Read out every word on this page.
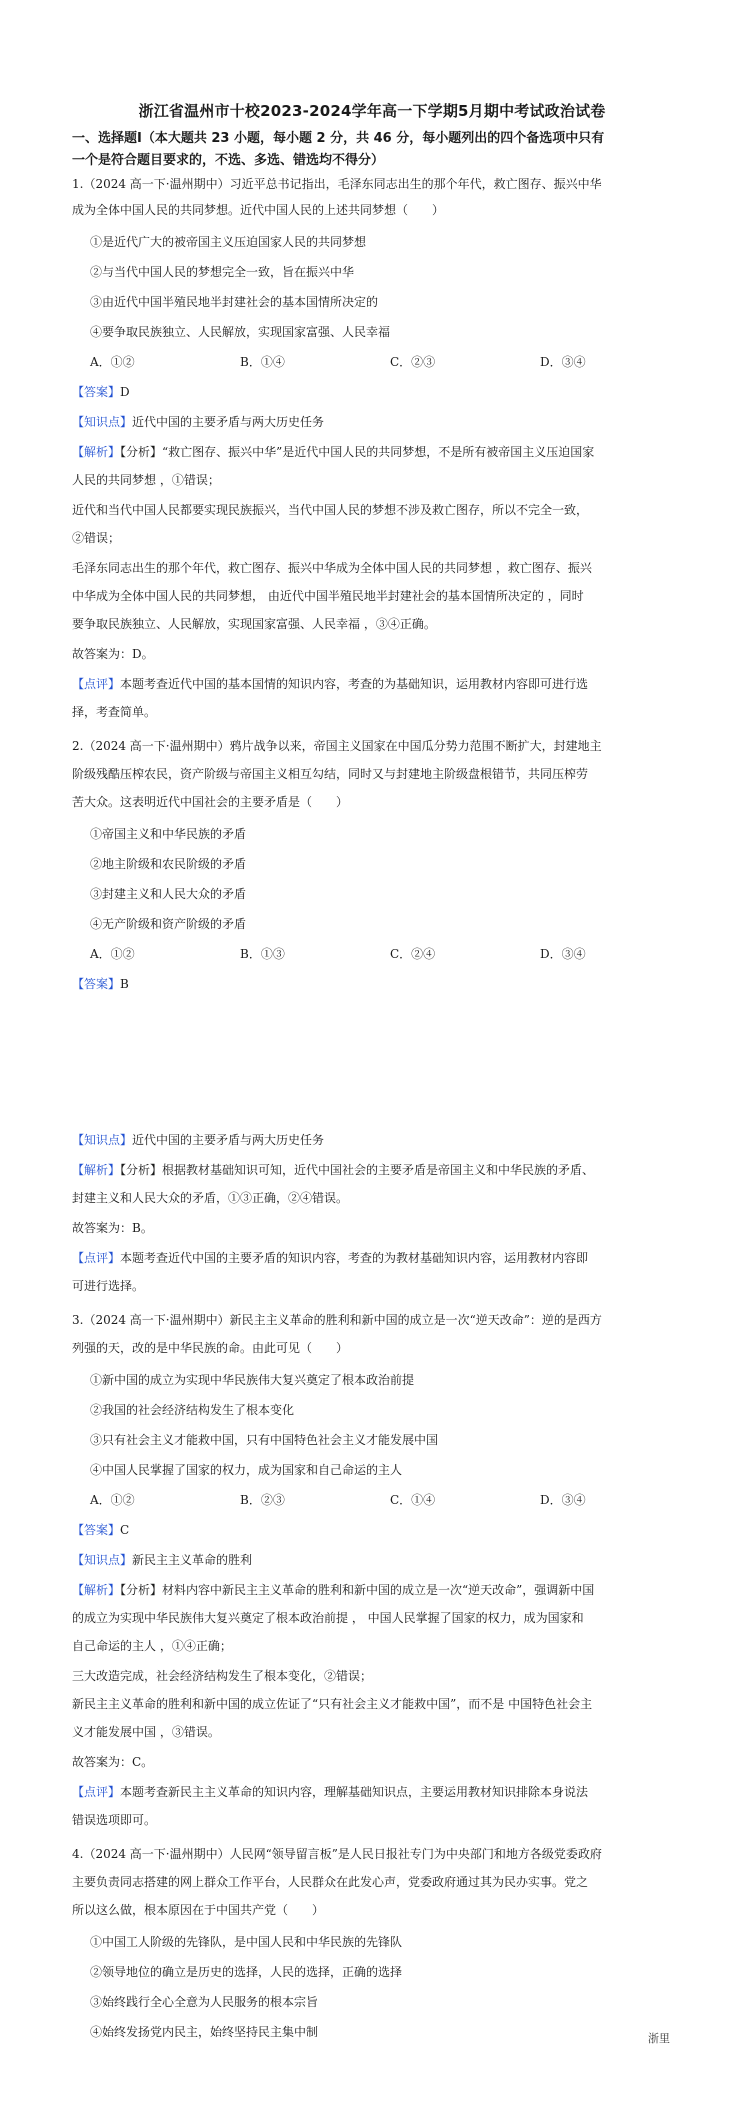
浙江省温州市十校2023-2024学年高一下学期5月期中考试政治试卷
一、选择题Ⅰ（本大题共 23 小题，每小题 2 分，共 46 分，每小题列出的四个备选项中只有
一个是符合题目要求的，不选、多选、错选均不得分）
1.（2024 高一下·温州期中）习近平总书记指出，毛泽东同志出生的那个年代，救亡图存、振兴中华
成为全体中国人民的共同梦想。近代中国人民的上述共同梦想（　　）
①是近代广大的被帝国主义压迫国家人民的共同梦想
②与当代中国人民的梦想完全一致，旨在振兴中华
③由近代中国半殖民地半封建社会的基本国情所决定的
④要争取民族独立、人民解放，实现国家富强、人民幸福
A．①②	B．①④	C．②③	D．③④
【答案】D
【知识点】近代中国的主要矛盾与两大历史任务
【解析】【分析】“救亡图存、振兴中华”是近代中国人民的共同梦想，不是所有被帝国主义压迫国家
人民的共同梦想 ，①错误；
近代和当代中国人民都要实现民族振兴，当代中国人民的梦想不涉及救亡图存，所以不完全一致，
②错误；
毛泽东同志出生的那个年代，救亡图存、振兴中华成为全体中国人民的共同梦想 ，救亡图存、振兴
中华成为全体中国人民的共同梦想， 由近代中国半殖民地半封建社会的基本国情所决定的 ，同时
要争取民族独立、人民解放，实现国家富强、人民幸福 ，③④正确。
故答案为：D。
【点评】本题考查近代中国的基本国情的知识内容，考查的为基础知识，运用教材内容即可进行选
择，考查简单。
2.（2024 高一下·温州期中）鸦片战争以来，帝国主义国家在中国瓜分势力范围不断扩大，封建地主
阶级残酷压榨农民，资产阶级与帝国主义相互勾结，同时又与封建地主阶级盘根错节，共同压榨劳
苦大众。这表明近代中国社会的主要矛盾是（　　）
①帝国主义和中华民族的矛盾
②地主阶级和农民阶级的矛盾
③封建主义和人民大众的矛盾
④无产阶级和资产阶级的矛盾
A．①②	B．①③	C．②④	D．③④
【答案】B
【知识点】近代中国的主要矛盾与两大历史任务
【解析】【分析】根据教材基础知识可知，近代中国社会的主要矛盾是帝国主义和中华民族的矛盾、
封建主义和人民大众的矛盾，①③正确，②④错误。
故答案为：B。
【点评】本题考查近代中国的主要矛盾的知识内容，考查的为教材基础知识内容，运用教材内容即
可进行选择。
3.（2024 高一下·温州期中）新民主主义革命的胜利和新中国的成立是一次“逆天改命”：逆的是西方
列强的天，改的是中华民族的命。由此可见（　　）
①新中国的成立为实现中华民族伟大复兴奠定了根本政治前提
②我国的社会经济结构发生了根本变化
③只有社会主义才能救中国，只有中国特色社会主义才能发展中国
④中国人民掌握了国家的权力，成为国家和自己命运的主人
A．①②	B．②③	C．①④	D．③④
【答案】C
【知识点】新民主主义革命的胜利
【解析】【分析】材料内容中新民主主义革命的胜利和新中国的成立是一次“逆天改命”，强调新中国
的成立为实现中华民族伟大复兴奠定了根本政治前提 ， 中国人民掌握了国家的权力，成为国家和
自己命运的主人 ，①④正确；
三大改造完成，社会经济结构发生了根本变化，②错误；
新民主主义革命的胜利和新中国的成立佐证了“只有社会主义才能救中国”，而不是 中国特色社会主
义才能发展中国 ，③错误。
故答案为：C。
【点评】本题考查新民主主义革命的知识内容，理解基础知识点，主要运用教材知识排除本身说法
错误选项即可。
4.（2024 高一下·温州期中）人民网“领导留言板”是人民日报社专门为中央部门和地方各级党委政府
主要负责同志搭建的网上群众工作平台，人民群众在此发心声，党委政府通过其为民办实事。党之
所以这么做，根本原因在于中国共产党（　　）
①中国工人阶级的先锋队，是中国人民和中华民族的先锋队
②领导地位的确立是历史的选择，人民的选择，正确的选择
③始终践行全心全意为人民服务的根本宗旨
④始终发扬党内民主，始终坚持民主集中制	浙里
